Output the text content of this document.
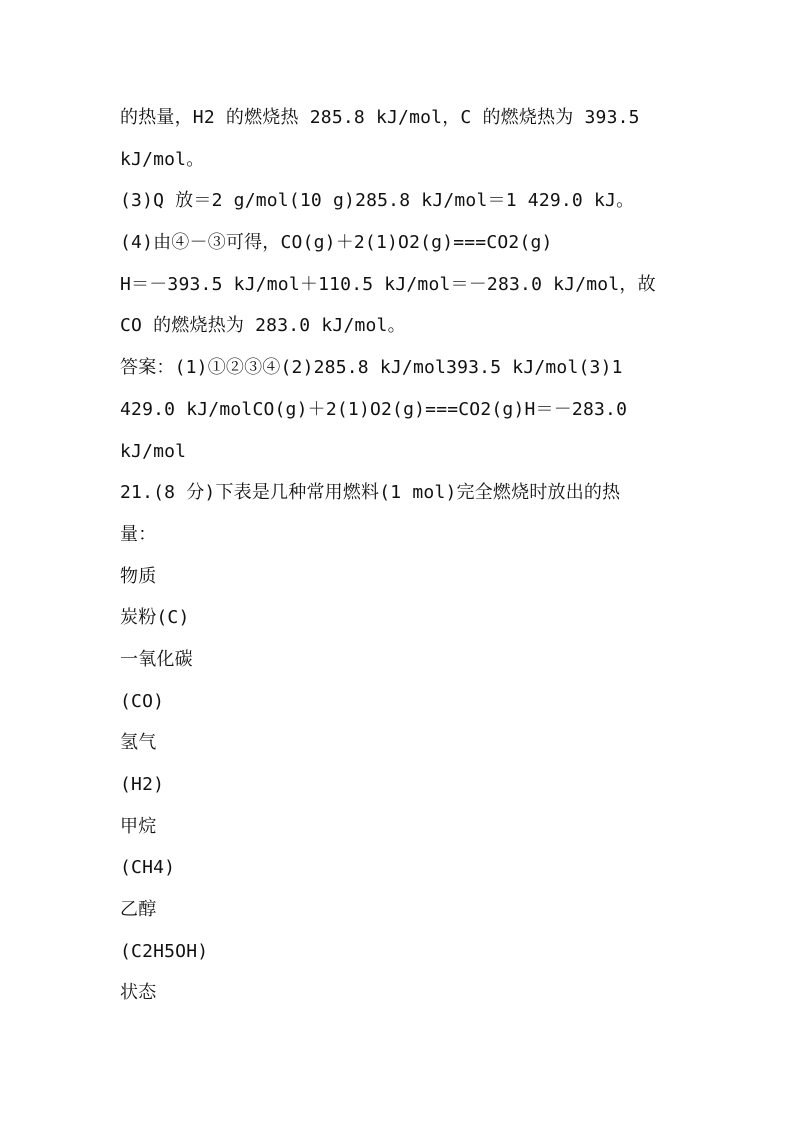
的热量，H2 的燃烧热 285.8 kJ/mol，C 的燃烧热为 393.5
kJ/mol。
(3)Q 放＝2 g/mol(10 g)285.8 kJ/mol＝1 429.0 kJ。
(4)由④－③可得，CO(g)＋2(1)O2(g)===CO2(g)
H＝－393.5 kJ/mol＋110.5 kJ/mol＝－283.0 kJ/mol，故
CO 的燃烧热为 283.0 kJ/mol。
答案：(1)①②③④(2)285.8 kJ/mol393.5 kJ/mol(3)1
429.0 kJ/molCO(g)＋2(1)O2(g)===CO2(g)H＝－283.0
kJ/mol
21.(8 分)下表是几种常用燃料(1 mol)完全燃烧时放出的热
量：
物质
炭粉(C)
一氧化碳
(CO)
氢气
(H2)
甲烷
(CH4)
乙醇
(C2H5OH)
状态
